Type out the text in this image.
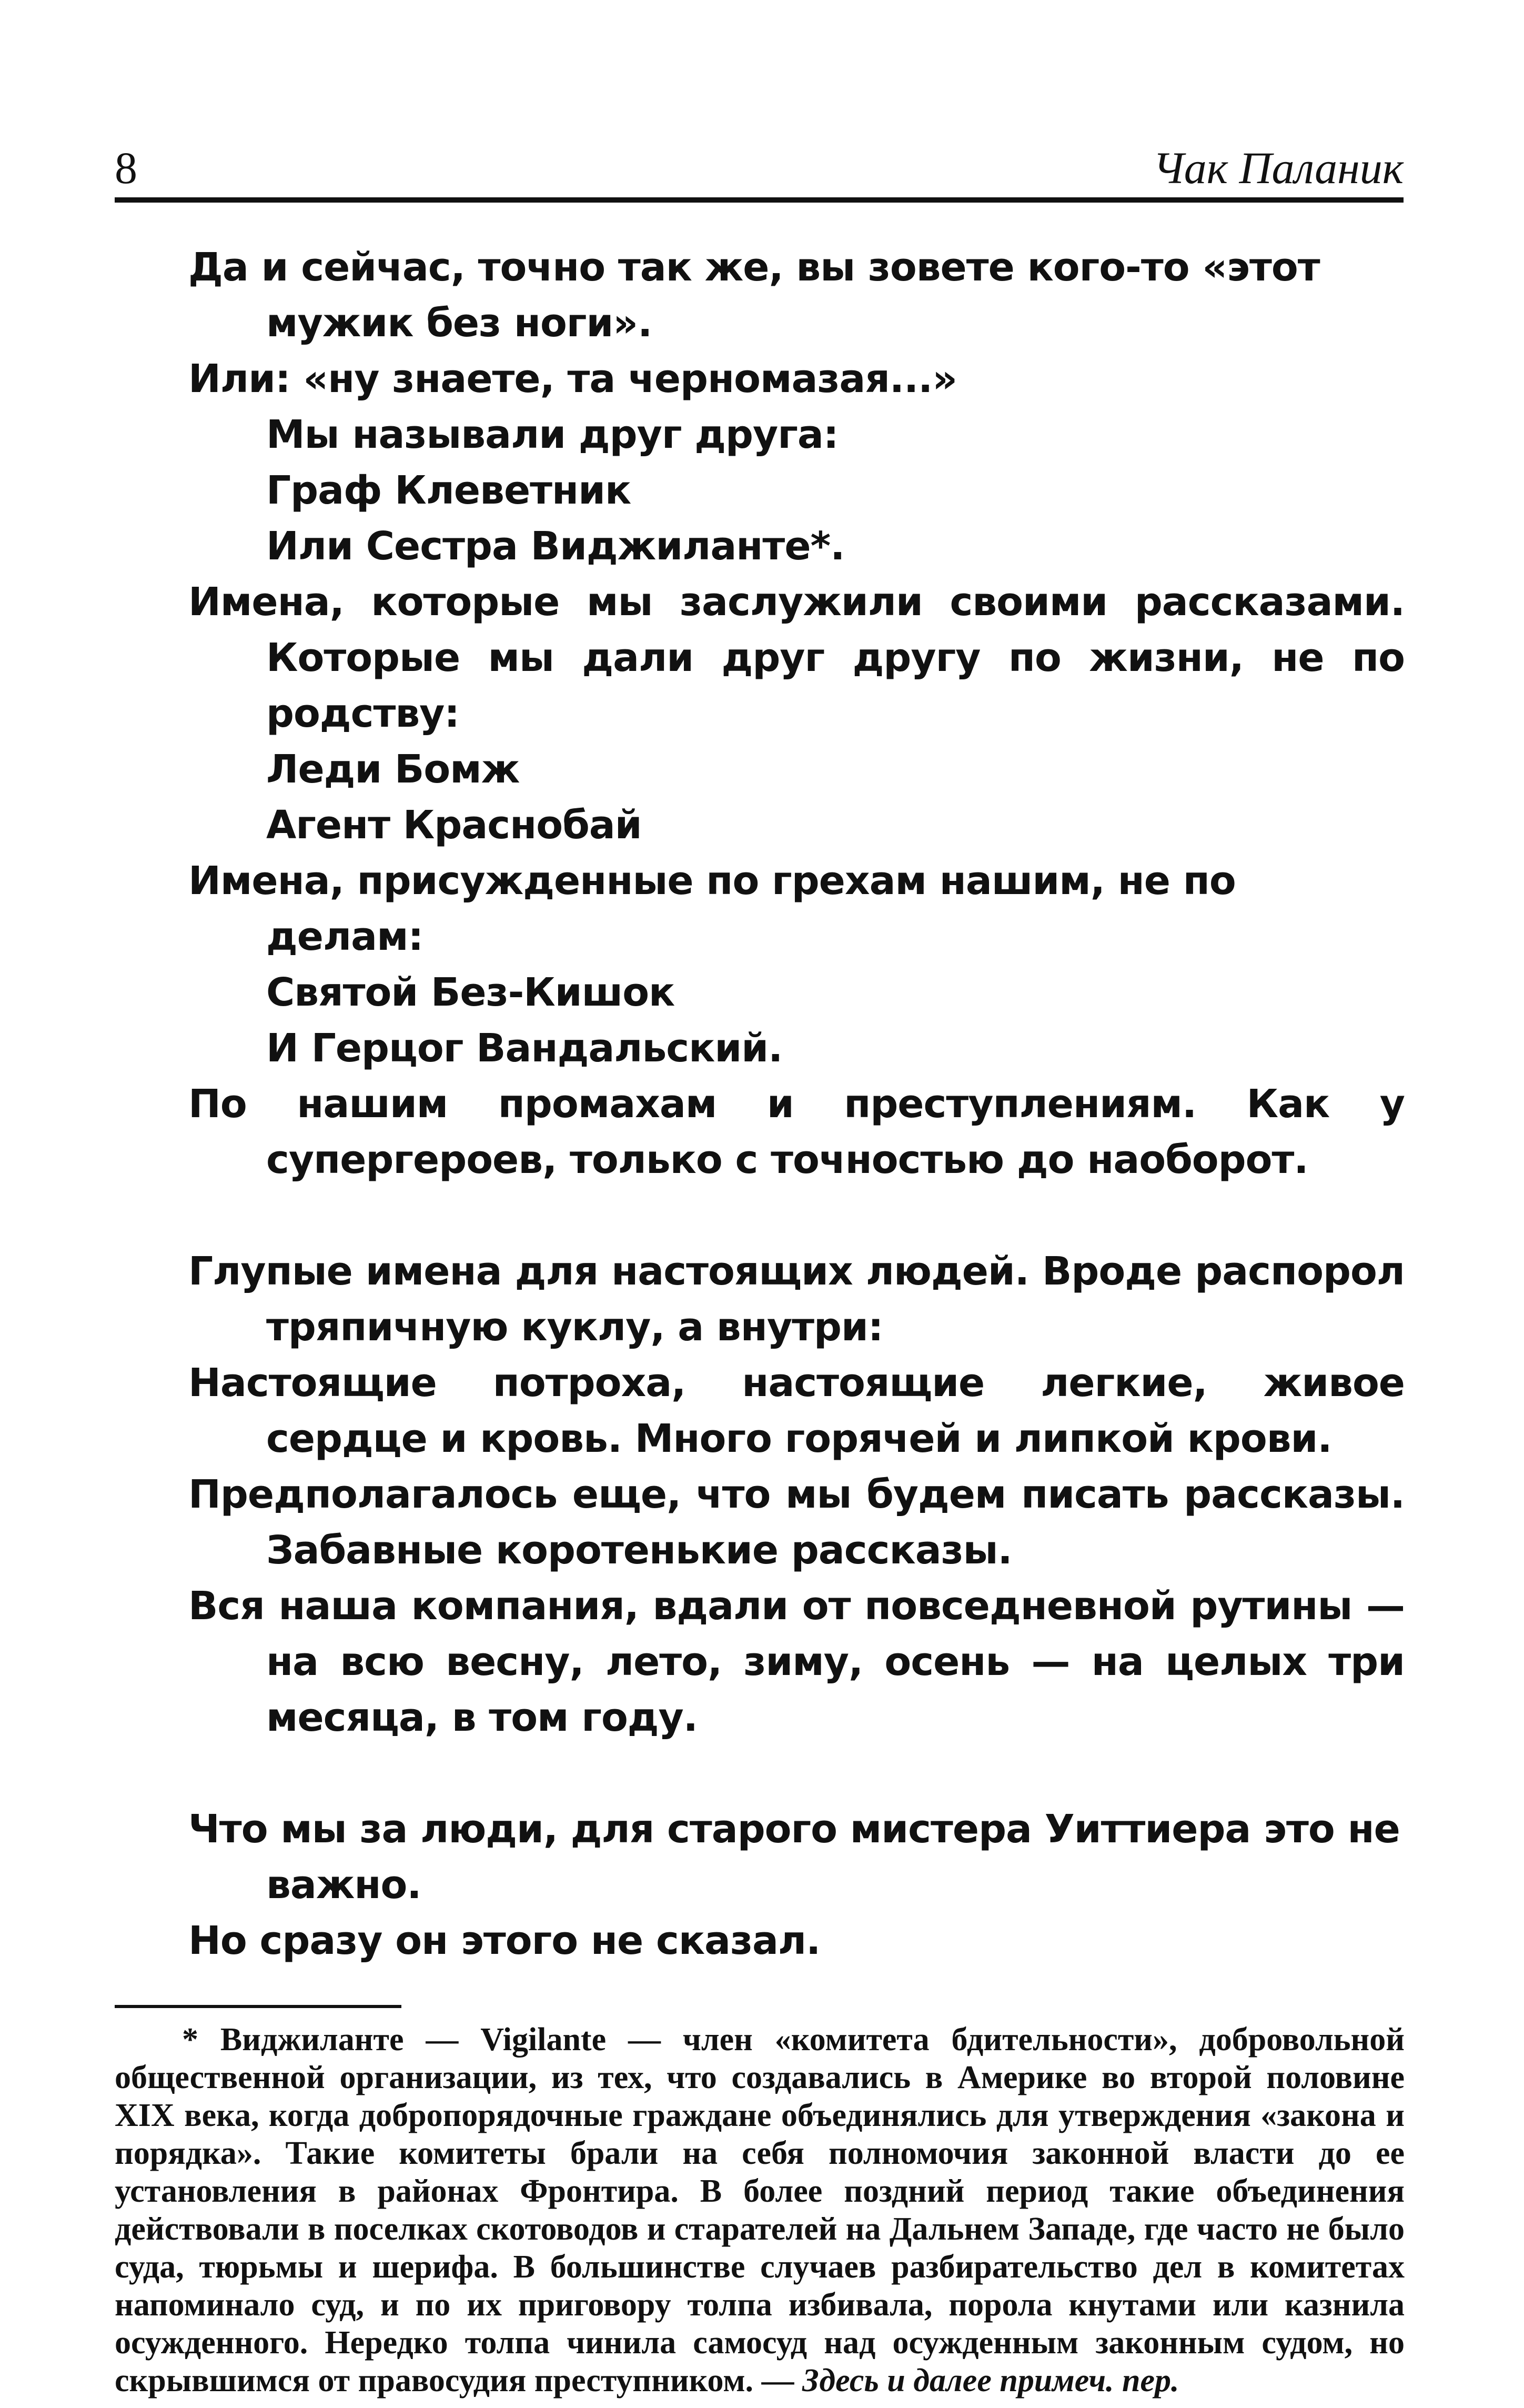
8	Чак Паланик

Да и сейчас, точно так же, вы зовете кого-то «этот мужик без ноги».

Или: «ну знаете, та черномазая...»

Мы называли друг друга:

Граф Клеветник

Или Сестра Виджиланте*.

Имена, которые мы заслужили своими рассказами. Которые мы дали друг другу по жизни, не по родству:

Леди Бомж

Агент Краснобай

Имена, присужденные по грехам нашим, не по делам:

Святой Без-Кишок

И Герцог Вандальский.

По нашим промахам и преступлениям. Как у супергероев, только с точностью до наоборот.

Глупые имена для настоящих людей. Вроде распорол тряпичную куклу, а внутри:

Настоящие потроха, настоящие легкие, живое сердце и кровь. Много горячей и липкой крови.

Предполагалось еще, что мы будем писать рассказы. Забавные коротенькие рассказы.

Вся наша компания, вдали от повседневной рутины — на всю весну, лето, зиму, осень — на целых три месяца, в том году.

Что мы за люди, для старого мистера Уиттиера это не важно.

Но сразу он этого не сказал.

* Виджиланте — Vigilante — член «комитета бдительности», добровольной общественной организации, из тех, что создавались в Америке во второй половине XIX века, когда добропорядочные граждане объединялись для утверждения «закона и порядка». Такие комитеты брали на себя полномочия законной власти до ее установления в районах Фронтира. В более поздний период такие объединения действовали в поселках скотоводов и старателей на Дальнем Западе, где часто не было суда, тюрьмы и шерифа. В большинстве случаев разбирательство дел в комитетах напоминало суд, и по их приговору толпа избивала, порола кнутами или казнила осужденного. Нередко толпа чинила самосуд над осужденным законным судом, но скрывшимся от правосудия преступником. — Здесь и далее примеч. пер.
